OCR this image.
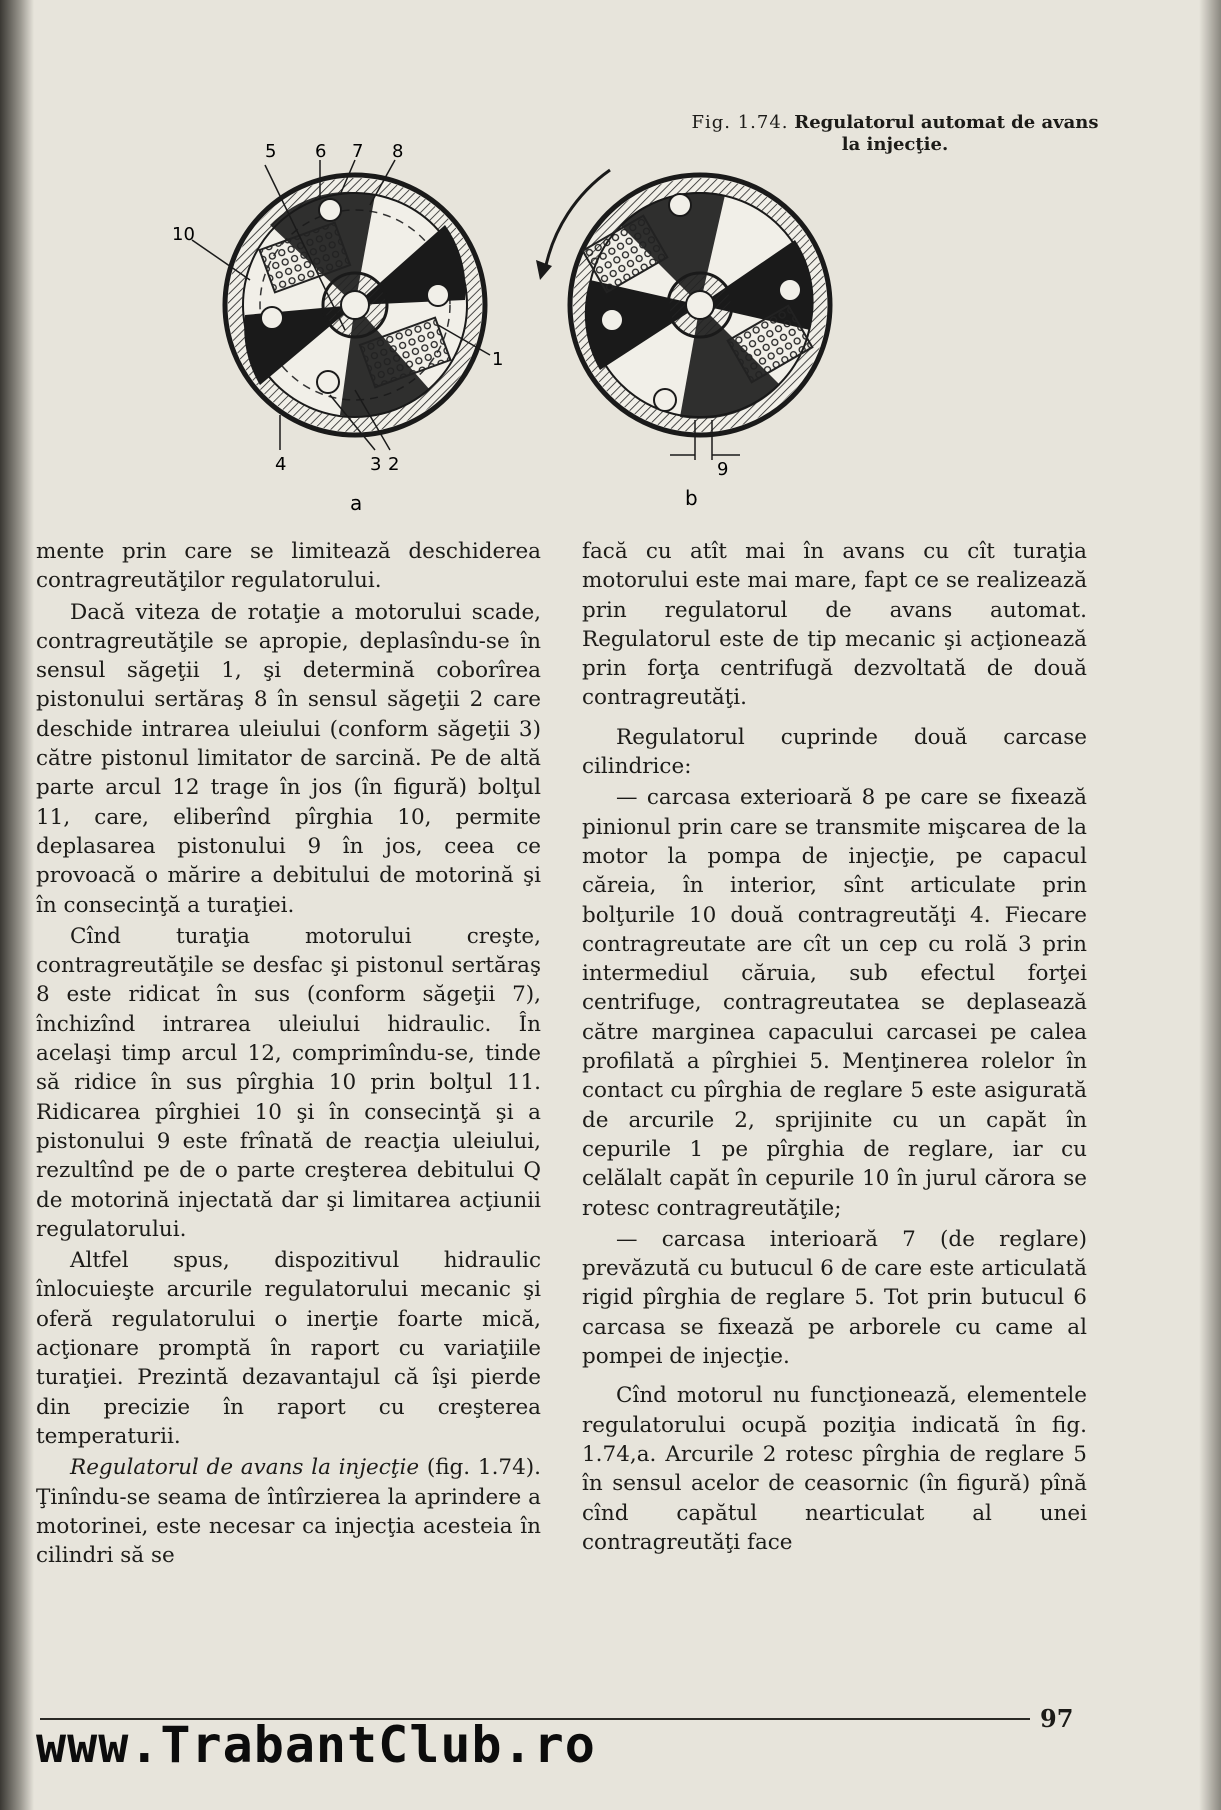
Fig. 1.74. Regulatorul automat de avans la injecţie.
5 6 7 8
10
1
4	3 2
a
9
b

mente prin care se limitează deschiderea contragreutăţilor regulatorului.

Dacă viteza de rotaţie a motorului scade, contragreutăţile se apropie, deplasîndu-se în sensul săgeţii 1, şi determină coborîrea pistonului sertăraş 8 în sensul săgeţii 2 care deschide intrarea uleiului (conform săgeţii 3) către pistonul limitator de sarcină. Pe de altă parte arcul 12 trage în jos (în figură) bolţul 11, care, eliberînd pîrghia 10, permite deplasarea pistonului 9 în jos, ceea ce provoacă o mărire a debitului de motorină şi în consecinţă a turaţiei.

Cînd turaţia motorului creşte, contragreutăţile se desfac şi pistonul sertăraş 8 este ridicat în sus (conform săgeţii 7), închizînd intrarea uleiului hidraulic. În acelaşi timp arcul 12, comprimîndu-se, tinde să ridice în sus pîrghia 10 prin bolţul 11. Ridicarea pîrghiei 10 şi în consecinţă şi a pistonului 9 este frînată de reacţia uleiului, rezultînd pe de o parte creşterea debitului Q de motorină injectată dar şi limitarea acţiunii regulatorului.

Altfel spus, dispozitivul hidraulic înlocuieşte arcurile regulatorului mecanic şi oferă regulatorului o inerţie foarte mică, acţionare promptă în raport cu variaţiile turaţiei. Prezintă dezavantajul că îşi pierde din precizie în raport cu creşterea temperaturii.

Regulatorul de avans la injecţie (fig. 1.74). Ţinîndu-se seama de întîrzierea la aprindere a motorinei, este necesar ca injecţia acesteia în cilindri să se

facă cu atît mai în avans cu cît turaţia motorului este mai mare, fapt ce se realizează prin regulatorul de avans automat. Regulatorul este de tip mecanic şi acţionează prin forţa centrifugă dezvoltată de două contragreutăţi.

Regulatorul cuprinde două carcase cilindrice:

— carcasa exterioară 8 pe care se fixează pinionul prin care se transmite mişcarea de la motor la pompa de injecţie, pe capacul căreia, în interior, sînt articulate prin bolţurile 10 două contragreutăţi 4. Fiecare contragreutate are cît un cep cu rolă 3 prin intermediul căruia, sub efectul forţei centrifuge, contragreutatea se deplasează către marginea capacului carcasei pe calea profilată a pîrghiei 5. Menţinerea rolelor în contact cu pîrghia de reglare 5 este asigurată de arcurile 2, sprijinite cu un capăt în cepurile 1 pe pîrghia de reglare, iar cu celălalt capăt în cepurile 10 în jurul cărora se rotesc contragreutăţile;

— carcasa interioară 7 (de reglare) prevăzută cu butucul 6 de care este articulată rigid pîrghia de reglare 5. Tot prin butucul 6 carcasa se fixează pe arborele cu came al pompei de injecţie.

Cînd motorul nu funcţionează, elementele regulatorului ocupă poziţia indicată în fig. 1.74,a. Arcurile 2 rotesc pîrghia de reglare 5 în sensul acelor de ceasornic (în figură) pînă cînd capătul nearticulat al unei contragreutăţi face

97
www.TrabantClub.ro
